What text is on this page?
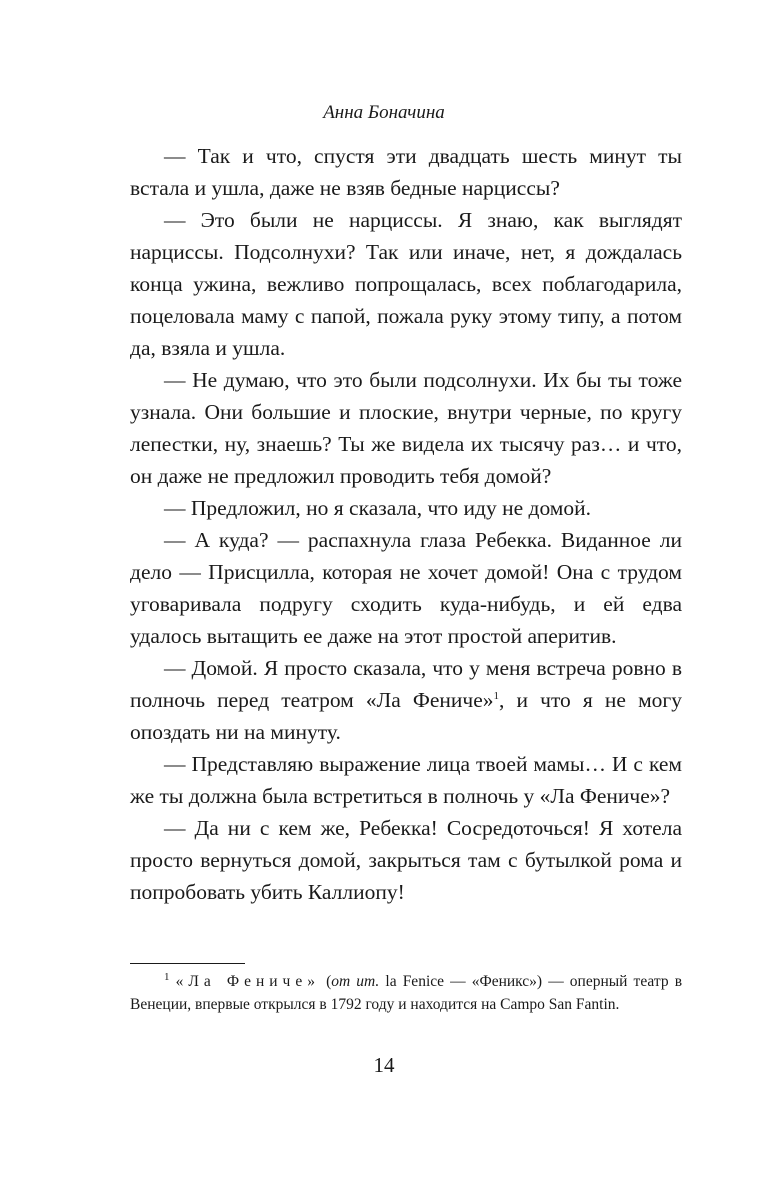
Анна Боначина

— Так и что, спустя эти двадцать шесть минут ты встала и ушла, даже не взяв бедные нарциссы?

— Это были не нарциссы. Я знаю, как выглядят нарциссы. Подсолнухи? Так или иначе, нет, я дождалась конца ужина, вежливо попрощалась, всех поблагодарила, поцеловала маму с папой, пожала руку этому типу, а потом да, взяла и ушла.

— Не думаю, что это были подсолнухи. Их бы ты тоже узнала. Они большие и плоские, внутри черные, по кругу лепестки, ну, знаешь? Ты же видела их тысячу раз… и что, он даже не предложил проводить тебя домой?

— Предложил, но я сказала, что иду не домой.

— А куда? — распахнула глаза Ребекка. Виданное ли дело — Присцилла, которая не хочет домой! Она с трудом уговаривала подругу сходить куда-нибудь, и ей едва удалось вытащить ее даже на этот простой аперитив.

— Домой. Я просто сказала, что у меня встреча ровно в полночь перед театром «Ла Фениче»$^1$, и что я не могу опоздать ни на минуту.

— Представляю выражение лица твоей мамы… И с кем же ты должна была встретиться в полночь у «Ла Фениче»?

— Да ни с кем же, Ребекка! Сосредоточься! Я хотела просто вернуться домой, закрыться там с бутылкой рома и попробовать убить Каллиопу!

$^1$ «Ла Фениче» (от ит. la Fenice — «Феникс») — оперный театр в Венеции, впервые открылся в 1792 году и находится на Campo San Fantin.
14
